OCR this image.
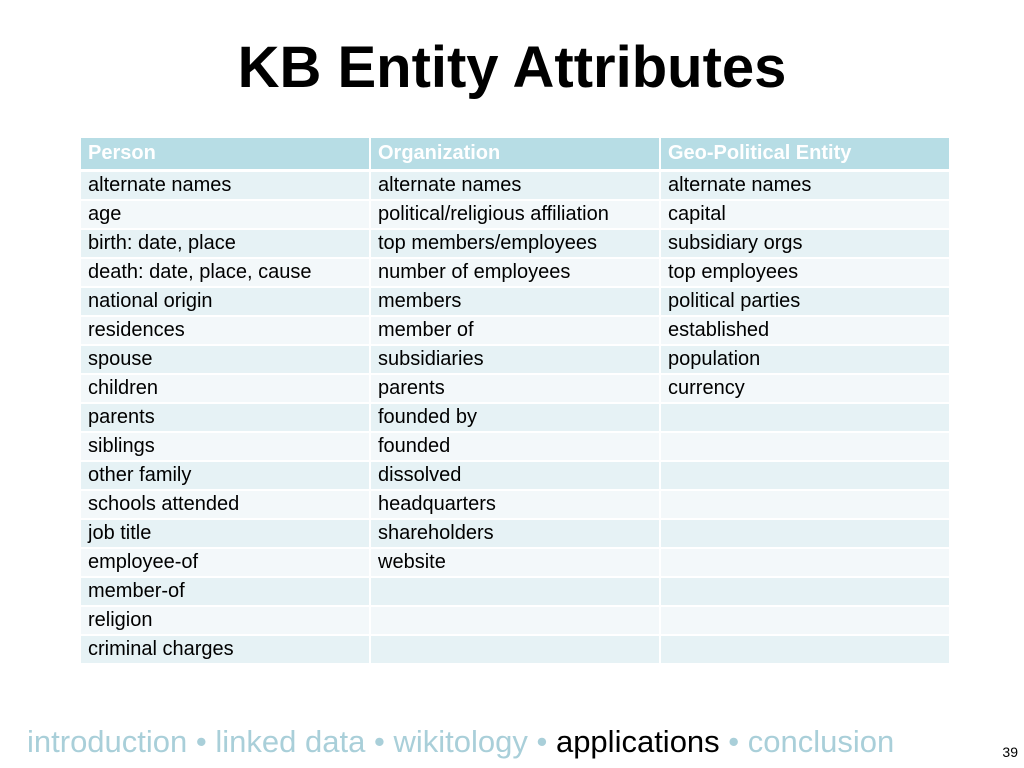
KB Entity Attributes
Person	Organization	Geo-Political Entity
alternate names	alternate names	alternate names
age	political/religious affiliation	capital
birth: date, place	top members/employees	subsidiary orgs
death: date, place, cause	number of employees	top employees
national origin	members	political parties
residences	member of	established
spouse	subsidiaries	population
children	parents	currency
parents	founded by	
siblings	founded	
other family	dissolved	
schools attended	headquarters	
job title	shareholders	
employee-of	website	
member-of		
religion		
criminal charges		
introduction • linked data • wikitology • applications • conclusion	39
